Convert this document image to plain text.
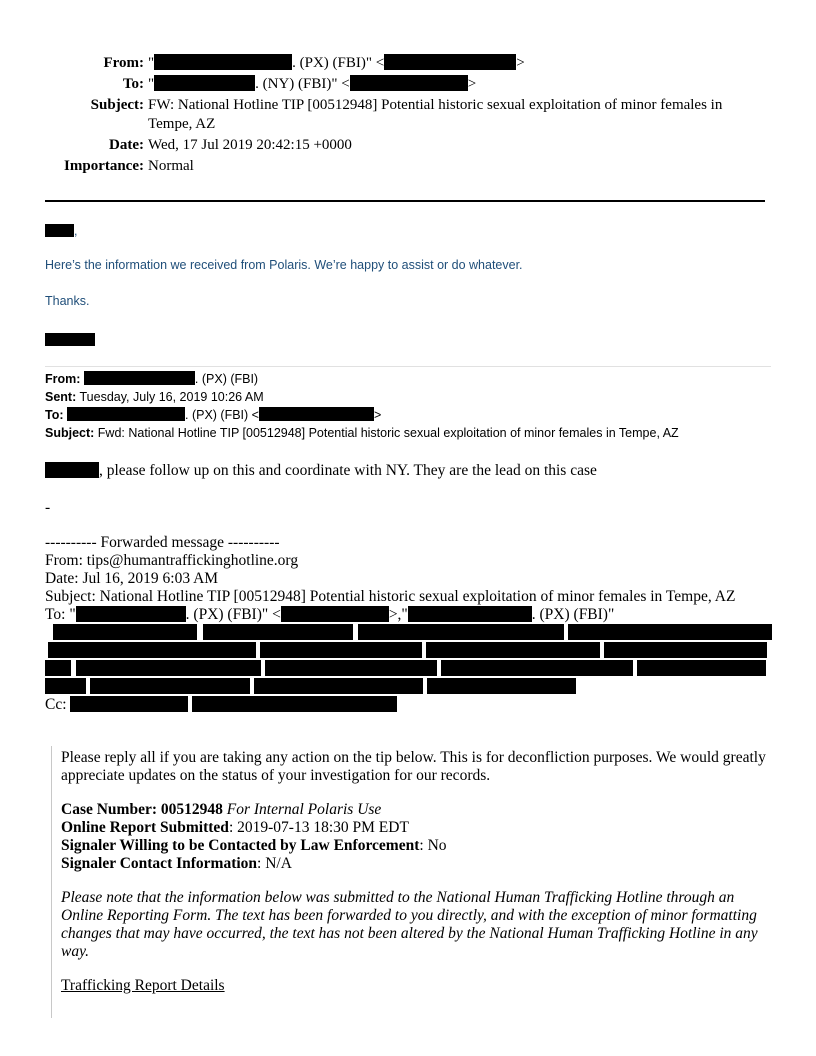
From: "	. (PX) (FBI)" <	>
To: "	. (NY) (FBI)" <	>
Subject: FW: National Hotline TIP [00512948] Potential historic sexual exploitation of minor females in Tempe, AZ
Date: Wed, 17 Jul 2019 20:42:15 +0000
Importance: Normal
,
Here’s the information we received from Polaris. We’re happy to assist or do whatever.
Thanks.
From:	. (PX) (FBI)
Sent: Tuesday, July 16, 2019 10:26 AM
To:	. (PX) (FBI) <	>
Subject: Fwd: National Hotline TIP [00512948] Potential historic sexual exploitation of minor females in Tempe, AZ
, please follow up on this and coordinate with NY. They are the lead on this case
-
---------- Forwarded message ----------
From: tips@humantraffickinghotline.org
Date: Jul 16, 2019 6:03 AM
Subject: National Hotline TIP [00512948] Potential historic sexual exploitation of minor females in Tempe, AZ
To: "	. (PX) (FBI)" <	>,"	. (PX) (FBI)"
Cc:

Please reply all if you are taking any action on the tip below. This is for deconfliction purposes. We would greatly appreciate updates on the status of your investigation for our records.

Case Number: 00512948 For Internal Polaris Use
Online Report Submitted: 2019-07-13 18:30 PM EDT
Signaler Willing to be Contacted by Law Enforcement: No
Signaler Contact Information: N/A

Please note that the information below was submitted to the National Human Trafficking Hotline through an Online Reporting Form. The text has been forwarded to you directly, and with the exception of minor formatting changes that may have occurred, the text has not been altered by the National Human Trafficking Hotline in any way.

Trafficking Report Details
